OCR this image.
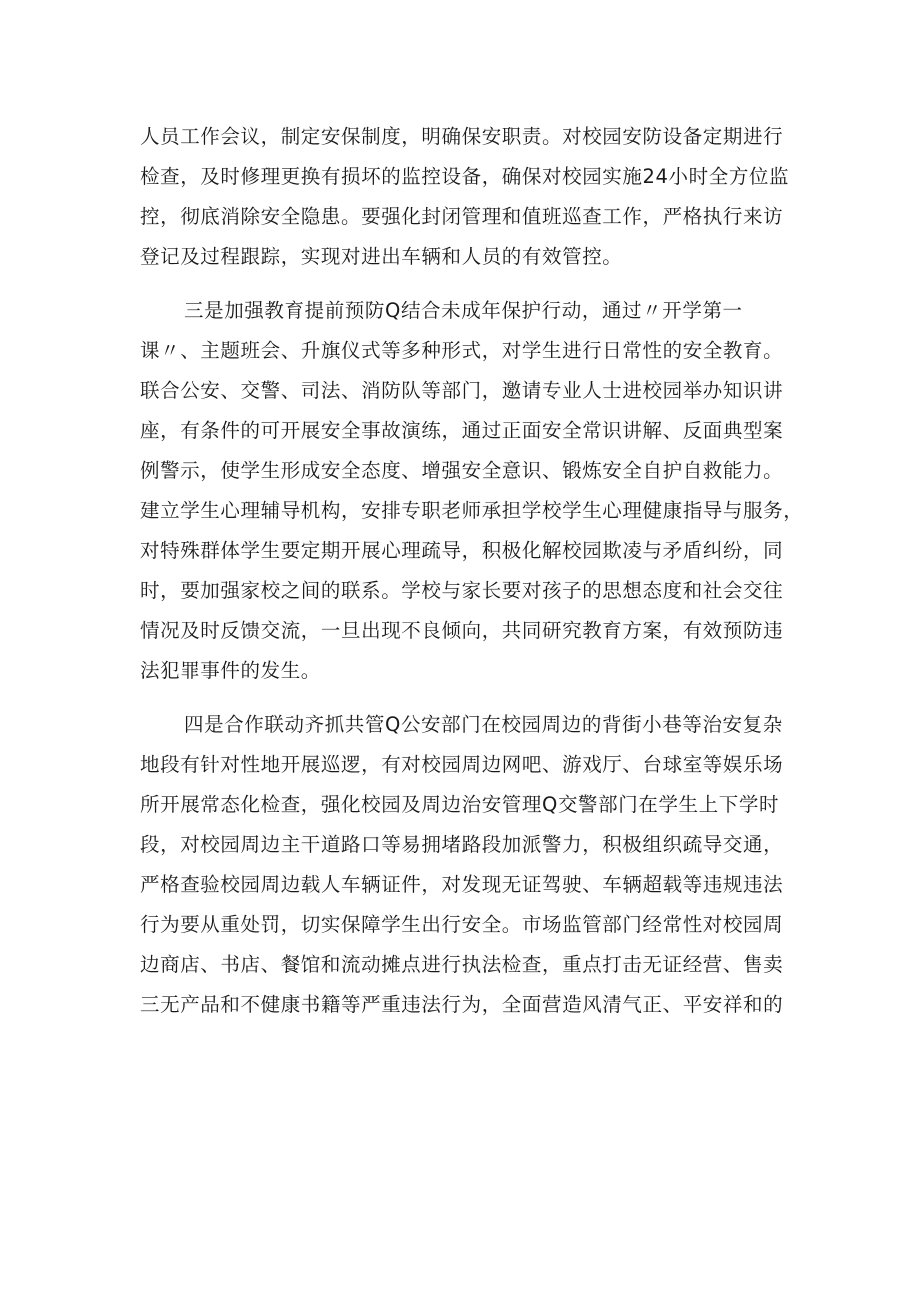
人员工作会议，制定安保制度，明确保安职责。对校园安防设备定期进行
检查，及时修理更换有损坏的监控设备，确保对校园实施24小时全方位监
控，彻底消除安全隐患。要强化封闭管理和值班巡查工作，严格执行来访
登记及过程跟踪，实现对进出车辆和人员的有效管控。
三是加强教育提前预防Q结合未成年保护行动，通过〃开学第一
课〃、主题班会、升旗仪式等多种形式，对学生进行日常性的安全教育。
联合公安、交警、司法、消防队等部门，邀请专业人士进校园举办知识讲
座，有条件的可开展安全事故演练，通过正面安全常识讲解、反面典型案
例警示，使学生形成安全态度、增强安全意识、锻炼安全自护自救能力。
建立学生心理辅导机构，安排专职老师承担学校学生心理健康指导与服务，
对特殊群体学生要定期开展心理疏导，积极化解校园欺凌与矛盾纠纷，同
时，要加强家校之间的联系。学校与家长要对孩子的思想态度和社会交往
情况及时反馈交流，一旦出现不良倾向，共同研究教育方案，有效预防违
法犯罪事件的发生。
四是合作联动齐抓共管Q公安部门在校园周边的背街小巷等治安复杂
地段有针对性地开展巡逻，有对校园周边网吧、游戏厅、台球室等娱乐场
所开展常态化检查，强化校园及周边治安管理Q交警部门在学生上下学时
段，对校园周边主干道路口等易拥堵路段加派警力，积极组织疏导交通，
严格查验校园周边载人车辆证件，对发现无证驾驶、车辆超载等违规违法
行为要从重处罚，切实保障学生出行安全。市场监管部门经常性对校园周
边商店、书店、餐馆和流动摊点进行执法检查，重点打击无证经营、售卖
三无产品和不健康书籍等严重违法行为，全面营造风清气正、平安祥和的
